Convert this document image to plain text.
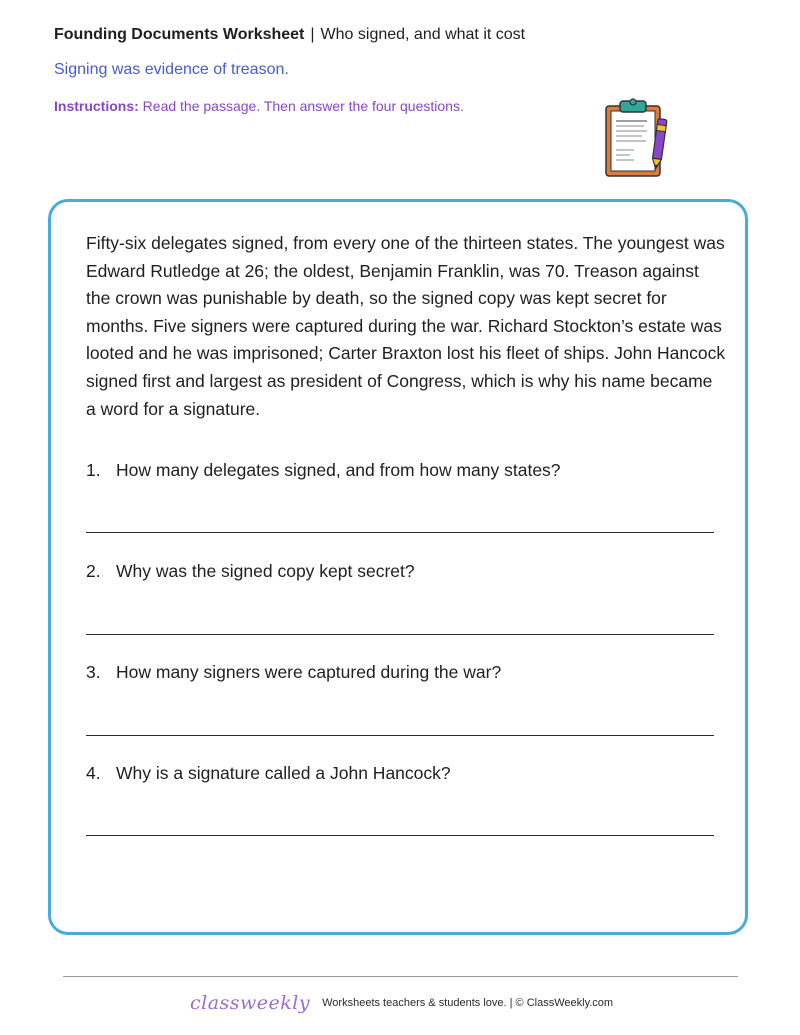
Founding Documents Worksheet | Who signed, and what it cost
Signing was evidence of treason.
Instructions: Read the passage. Then answer the four questions.
Fifty-six delegates signed, from every one of the thirteen states. The youngest was Edward Rutledge at 26; the oldest, Benjamin Franklin, was 70. Treason against the crown was punishable by death, so the signed copy was kept secret for months. Five signers were captured during the war. Richard Stockton’s estate was looted and he was imprisoned; Carter Braxton lost his fleet of ships. John Hancock signed first and largest as president of Congress, which is why his name became a word for a signature.
1. How many delegates signed, and from how many states?
2. Why was the signed copy kept secret?
3. How many signers were captured during the war?
4. Why is a signature called a John Hancock?
classweekly Worksheets teachers & students love. | © ClassWeekly.com
